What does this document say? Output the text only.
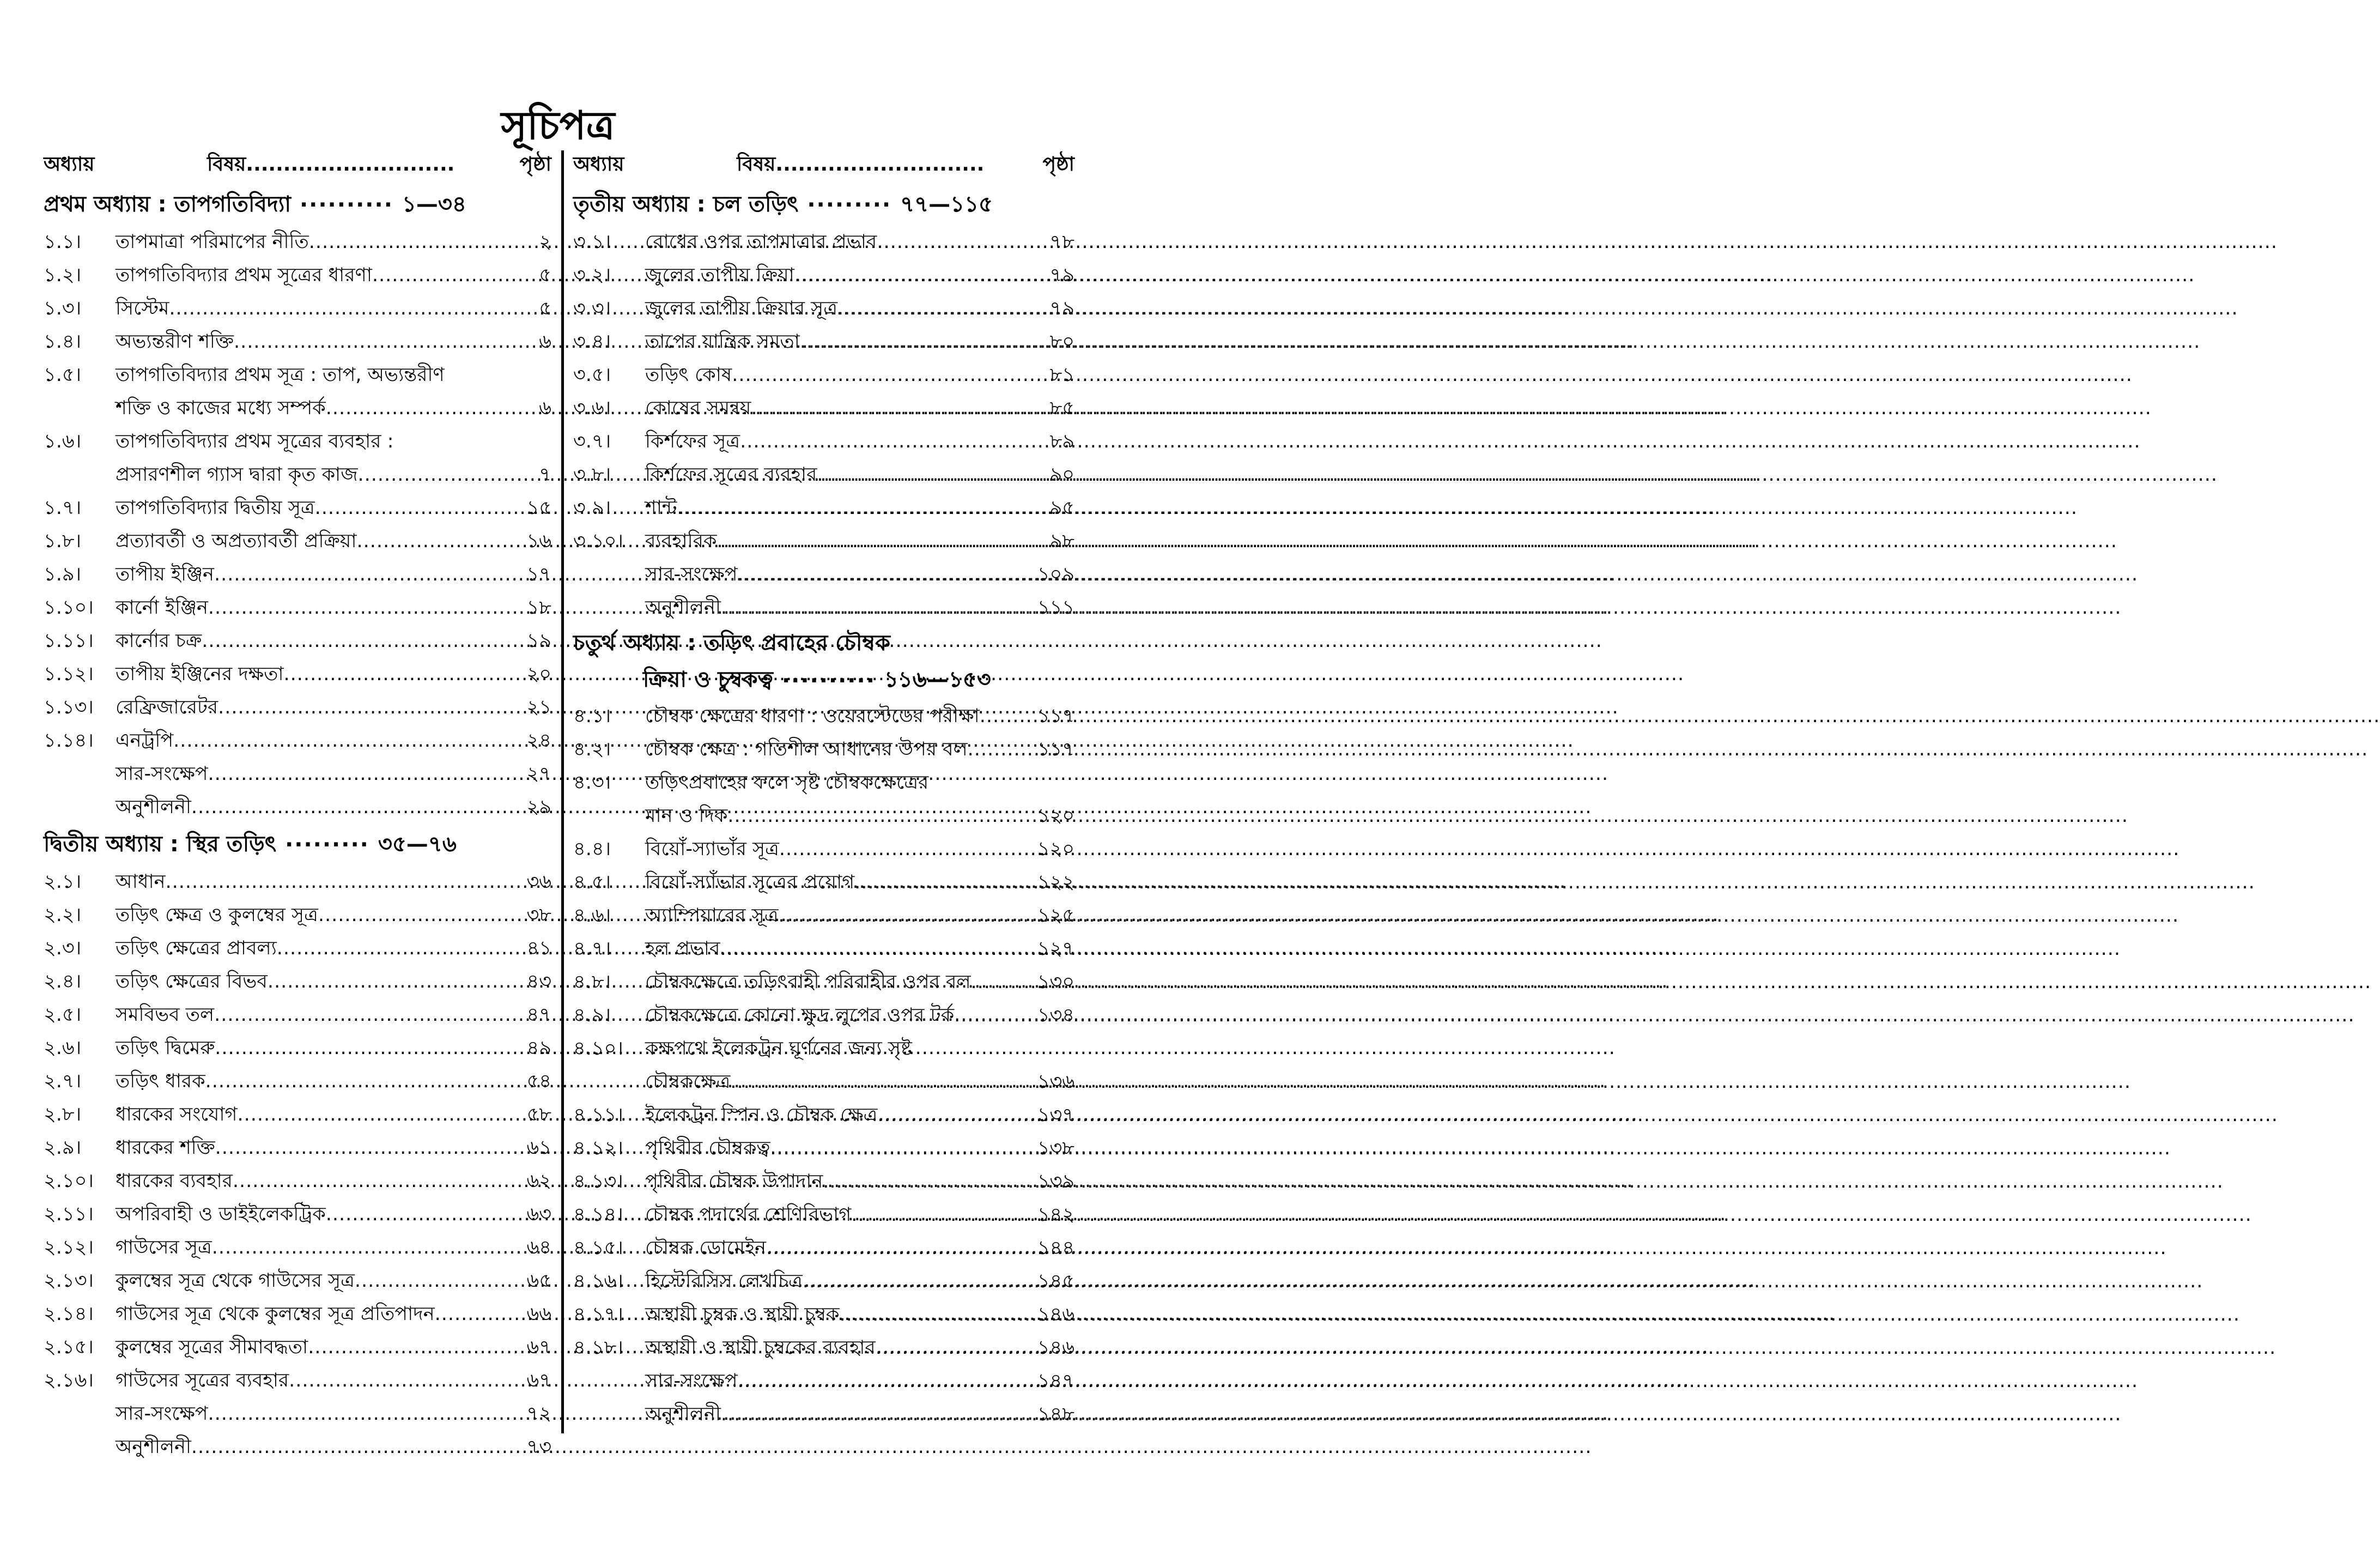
সূচিপত্র
অধ্যায়	বিষয় ............................	পৃষ্ঠা
প্রথম অধ্যায় : তাপগতিবিদ্যা ·········· ১—৩৪
১.১।	তাপমাত্রা পরিমাপের নীতি .....	২
১.২।	তাপগতিবিদ্যার প্রথম সূত্রের ধারণা .....	৫
১.৩।	সিস্টেম .....	৫
১.৪।	অভ্যন্তরীণ শক্তি .....	৬
১.৫।	তাপগতিবিদ্যার প্রথম সূত্র : তাপ, অভ্যন্তরীণ
শক্তি ও কাজের মধ্যে সম্পর্ক .....	৬
১.৬।	তাপগতিবিদ্যার প্রথম সূত্রের ব্যবহার :
প্রসারণশীল গ্যাস দ্বারা কৃত কাজ .....	৭
১.৭।	তাপগতিবিদ্যার দ্বিতীয় সূত্র .....	১৫
১.৮।	প্রত্যাবর্তী ও অপ্রত্যাবর্তী প্রক্রিয়া .....	১৬
১.৯।	তাপীয় ইঞ্জিন .....	১৭
১.১০।	কার্নো ইঞ্জিন .....	১৮
১.১১।	কার্নোর চক্র .....	১৯
১.১২।	তাপীয় ইঞ্জিনের দক্ষতা .....	২০
১.১৩।	রেফ্রিজারেটর .....	২১
১.১৪।	এনট্রপি .....	২৪
সার-সংক্ষেপ .....	২৭
অনুশীলনী .....	২৯
দ্বিতীয় অধ্যায় : স্থির তড়িৎ ········· ৩৫—৭৬
২.১।	আধান .....	৩৬
২.২।	তড়িৎ ক্ষেত্র ও কুলম্বের সূত্র .....	৩৮
২.৩।	তড়িৎ ক্ষেত্রের প্রাবল্য .....	৪১
২.৪।	তড়িৎ ক্ষেত্রের বিভব .....	৪৩
২.৫।	সমবিভব তল .....	৪৭
২.৬।	তড়িৎ দ্বিমেরু .....	৪৯
২.৭।	তড়িৎ ধারক .....	৫৪
২.৮।	ধারকের সংযোগ .....	৫৮
২.৯।	ধারকের শক্তি .....	৬১
২.১০।	ধারকের ব্যবহার .....	৬২
২.১১।	অপরিবাহী ও ডাইইলেকট্রিক .....	৬৩
২.১২।	গাউসের সূত্র .....	৬৪
২.১৩।	কুলম্বের সূত্র থেকে গাউসের সূত্র .....	৬৫
২.১৪।	গাউসের সূত্র থেকে কুলম্বের সূত্র প্রতিপাদন .....	৬৬
২.১৫।	কুলম্বের সূত্রের সীমাবদ্ধতা .....	৬৭
২.১৬।	গাউসের সূত্রের ব্যবহার .....	৬৭
সার-সংক্ষেপ .....	৭২
অনুশীলনী .....	৭৩
অধ্যায়	বিষয় ............................	পৃষ্ঠা
তৃতীয় অধ্যায় : চল তড়িৎ ········· ৭৭—১১৫
৩.১।	রোধের ওপর তাপমাত্রার প্রভাব .....	৭৮
৩.২।	জুলের তাপীয় ক্রিয়া .....	৭৯
৩.৩।	জুলের তাপীয় ক্রিয়ার সূত্র .....	৭৯
৩.৪।	তাপের যান্ত্রিক সমতা .....	৮০
৩.৫।	তড়িৎ কোষ .....	৮১
৩.৬।	কোষের সমন্বয় .....	৮৫
৩.৭।	কির্শফের সূত্র .....	৮৯
৩.৮।	কির্শফের সূত্রের ব্যবহার .....	৯০
৩.৯।	শান্ট .....	৯৫
৩.১০।	ব্যবহারিক .....	৯৮
সার-সংক্ষেপ .....	১০৯
অনুশীলনী .....	১১১
চতুর্থ অধ্যায় : তড়িৎ প্রবাহের চৌম্বক
ক্রিয়া ও চুম্বকত্ব ·········· ১১৬—১৫৩
৪.১।	চৌম্বক ক্ষেত্রের ধারণা : ওয়েরস্টেডের পরীক্ষা .....	১১৭
৪.২।	চৌম্বক ক্ষেত্র : গতিশীল আধানের উপর বল .....	১১৭
৪.৩।	তড়িৎপ্রবাহের ফলে সৃষ্ট চৌম্বকক্ষেত্রের
মান ও দিক .....	১২০
৪.৪।	বিয়োঁ-স্যাভাঁর সূত্র .....	১২০
৪.৫।	বিয়োঁ-স্যাঁভার সূত্রের প্রয়োগ .....	১২২
৪.৬।	অ্যাম্পিয়ারের সূত্র .....	১২৫
৪.৭।	হল প্রভাব .....	১২৭
৪.৮।	চৌম্বকক্ষেত্রে তড়িৎবাহী পরিবাহীর ওপর বল .....	১৩০
৪.৯।	চৌম্বকক্ষেত্রে কোনো ক্ষুদ্র লুপের ওপর টর্ক .....	১৩৪
৪.১০।	কক্ষপথে ইলেকট্রন ঘূর্ণনের জন্য সৃষ্ট
চৌম্বকক্ষেত্র .....	১৩৬
৪.১১।	ইলেকট্রন স্পিন ও চৌম্বক ক্ষেত্র .....	১৩৭
৪.১২।	পৃথিবীর চৌম্বকত্ব .....	১৩৮
৪.১৩।	পৃথিবীর চৌম্বক উপাদান .....	১৩৯
৪.১৪।	চৌম্বক পদার্থের শ্রেণিবিভাগ .....	১৪২
৪.১৫।	চৌম্বক ডোমেইন .....	১৪৪
৪.১৬।	হিস্টেরিসিস লেখচিত্র .....	১৪৫
৪.১৭।	অস্থায়ী চুম্বক ও স্থায়ী চুম্বক .....	১৪৬
৪.১৮।	অস্থায়ী ও স্থায়ী চুম্বকের ব্যবহার .....	১৪৬
সার-সংক্ষেপ .....	১৪৭
অনুশীলনী .....	১৪৮
